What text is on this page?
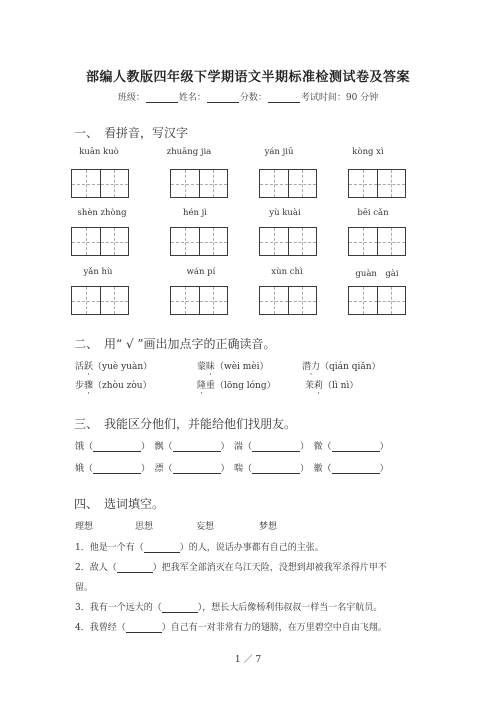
部编人教版四年级下学期语文半期标准检测试卷及答案
班级：	姓名：	分数：	考试时间：90 分钟
一、　看拼音，写汉字
kuān kuò	zhuāng jia	yán jiū	kòng xì
shèn zhòng	hén jì	yù kuài	bēi cǎn
yǎn hù	wán pí	xùn chì	guàn　gài
二、　用“ √ ”画出加点字的正确读音。
活跃（yuè yuàn）	蒙昧（wèi mèi）	潜力（qián qiǎn）
步骤（zhòu zòu）	隆重（lōng lóng）	茉莉（lì nì）
三、　我能区分他们，并能给他们找朋友。
饿（	）　飘（	）　湍（	）　微（	）
娥（	）　漂（	）　喘（	）　徽（	）
四、　选词填空。
理想	思想	妄想	梦想
1．他是一个有（	）的人，说话办事都有自己的主张。
2．敌人（	）把我军全部消灭在乌江天险，没想到却被我军杀得片甲不
留。
3．我有一个远大的（	），想长大后像杨利伟叔叔一样当一名宇航员。
4．我曾经（	）自己有一对非常有力的翅膀，在万里碧空中自由飞翔。
1 ／ 7
